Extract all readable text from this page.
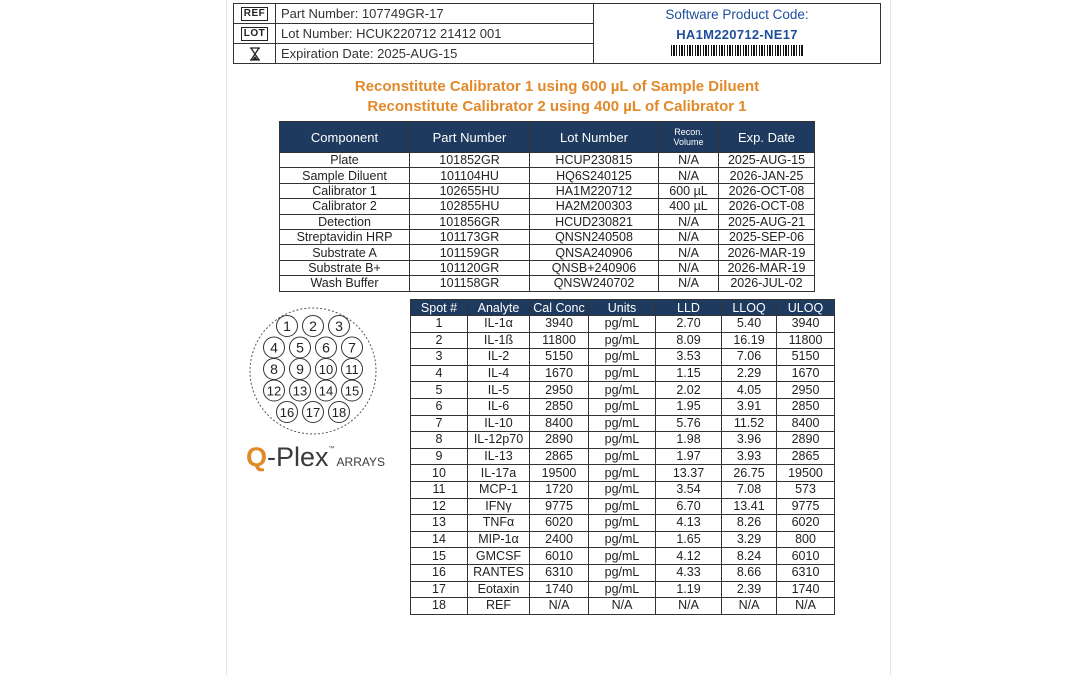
REF	Part Number: 107749GR-17
LOT	Lot Number: HCUK220712 21412 001
Expiration Date: 2025-AUG-15
Software Product Code:
HA1M220712-NE17
Reconstitute Calibrator 1 using 600 µL of Sample Diluent
Reconstitute Calibrator 2 using 400 µL of Calibrator 1
Component	Part Number	Lot Number	Recon. Volume	Exp. Date
Plate	101852GR	HCUP230815	N/A	2025-AUG-15
Sample Diluent	101104HU	HQ6S240125	N/A	2026-JAN-25
Calibrator 1	102655HU	HA1M220712	600 µL	2026-OCT-08
Calibrator 2	102855HU	HA2M200303	400 µL	2026-OCT-08
Detection	101856GR	HCUD230821	N/A	2025-AUG-21
Streptavidin HRP	101173GR	QNSN240508	N/A	2025-SEP-06
Substrate A	101159GR	QNSA240906	N/A	2026-MAR-19
Substrate B+	101120GR	QNSB+240906	N/A	2026-MAR-19
Wash Buffer	101158GR	QNSW240702	N/A	2026-JUL-02
1 2 3
4 5 6 7
8 9 10 11
12 13 14 15
16 17 18
Q -Plex ™
ARRAYS
Spot #	Analyte	Cal Conc	Units	LLD	LLOQ	ULOQ
1	IL-1α	3940	pg/mL	2.70	5.40	3940
2	IL-1ß	11800	pg/mL	8.09	16.19	11800
3	IL-2	5150	pg/mL	3.53	7.06	5150
4	IL-4	1670	pg/mL	1.15	2.29	1670
5	IL-5	2950	pg/mL	2.02	4.05	2950
6	IL-6	2850	pg/mL	1.95	3.91	2850
7	IL-10	8400	pg/mL	5.76	11.52	8400
8	IL-12p70	2890	pg/mL	1.98	3.96	2890
9	IL-13	2865	pg/mL	1.97	3.93	2865
10	IL-17a	19500	pg/mL	13.37	26.75	19500
11	MCP-1	1720	pg/mL	3.54	7.08	573
12	IFNγ	9775	pg/mL	6.70	13.41	9775
13	TNFα	6020	pg/mL	4.13	8.26	6020
14	MIP-1α	2400	pg/mL	1.65	3.29	800
15	GMCSF	6010	pg/mL	4.12	8.24	6010
16	RANTES	6310	pg/mL	4.33	8.66	6310
17	Eotaxin	1740	pg/mL	1.19	2.39	1740
18	REF	N/A	N/A	N/A	N/A	N/A
